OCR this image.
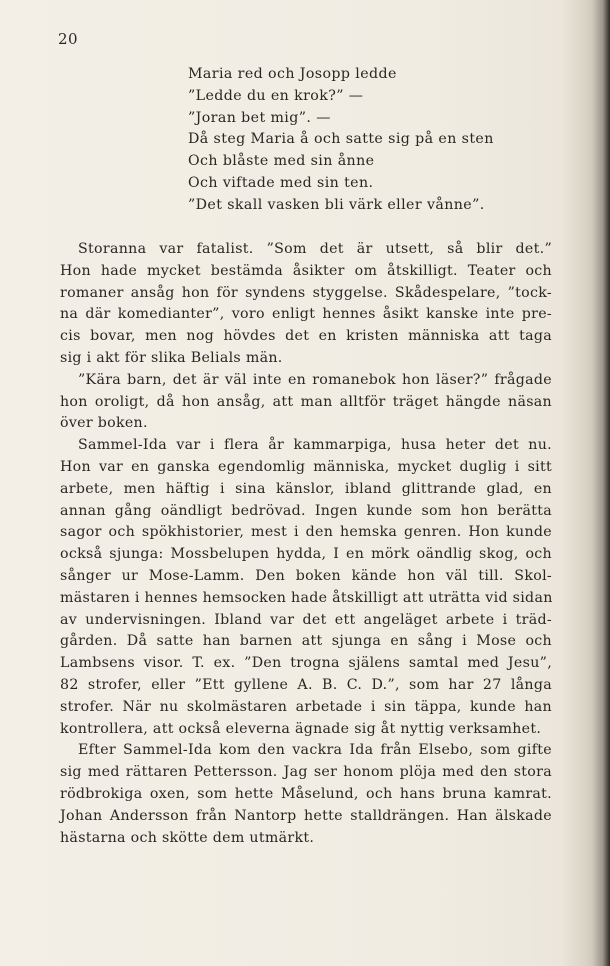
20
Maria red och Josopp ledde
”Ledde du en krok?” —
”Joran bet mig”. —
Då steg Maria å och satte sig på en sten
Och blåste med sin ånne
Och viftade med sin ten.
”Det skall vasken bli värk eller vånne”.
Storanna var fatalist. ”Som det är utsett, så blir det.”
Hon hade mycket bestämda åsikter om åtskilligt. Teater och
romaner ansåg hon för syndens styggelse. Skådespelare, ”tock-
na där komedianter”, voro enligt hennes åsikt kanske inte pre-
cis bovar, men nog hövdes det en kristen människa att taga
sig i akt för slika Belials män.
”Kära barn, det är väl inte en romanebok hon läser?” frågade
hon oroligt, då hon ansåg, att man alltför träget hängde näsan
över boken.
Sammel-Ida var i flera år kammarpiga, husa heter det nu.
Hon var en ganska egendomlig människa, mycket duglig i sitt
arbete, men häftig i sina känslor, ibland glittrande glad, en
annan gång oändligt bedrövad. Ingen kunde som hon berätta
sagor och spökhistorier, mest i den hemska genren. Hon kunde
också sjunga: Mossbelupen hydda, I en mörk oändlig skog, och
sånger ur Mose-Lamm. Den boken kände hon väl till. Skol-
mästaren i hennes hemsocken hade åtskilligt att uträtta vid sidan
av undervisningen. Ibland var det ett angeläget arbete i träd-
gården. Då satte han barnen att sjunga en sång i Mose och
Lambsens visor. T. ex. ”Den trogna själens samtal med Jesu”,
82 strofer, eller ”Ett gyllene A. B. C. D.”, som har 27 långa
strofer. När nu skolmästaren arbetade i sin täppa, kunde han
kontrollera, att också eleverna ägnade sig åt nyttig verksamhet.
Efter Sammel-Ida kom den vackra Ida från Elsebo, som gifte
sig med rättaren Pettersson. Jag ser honom plöja med den stora
rödbrokiga oxen, som hette Måselund, och hans bruna kamrat.
Johan Andersson från Nantorp hette stalldrängen. Han älskade
hästarna och skötte dem utmärkt.
